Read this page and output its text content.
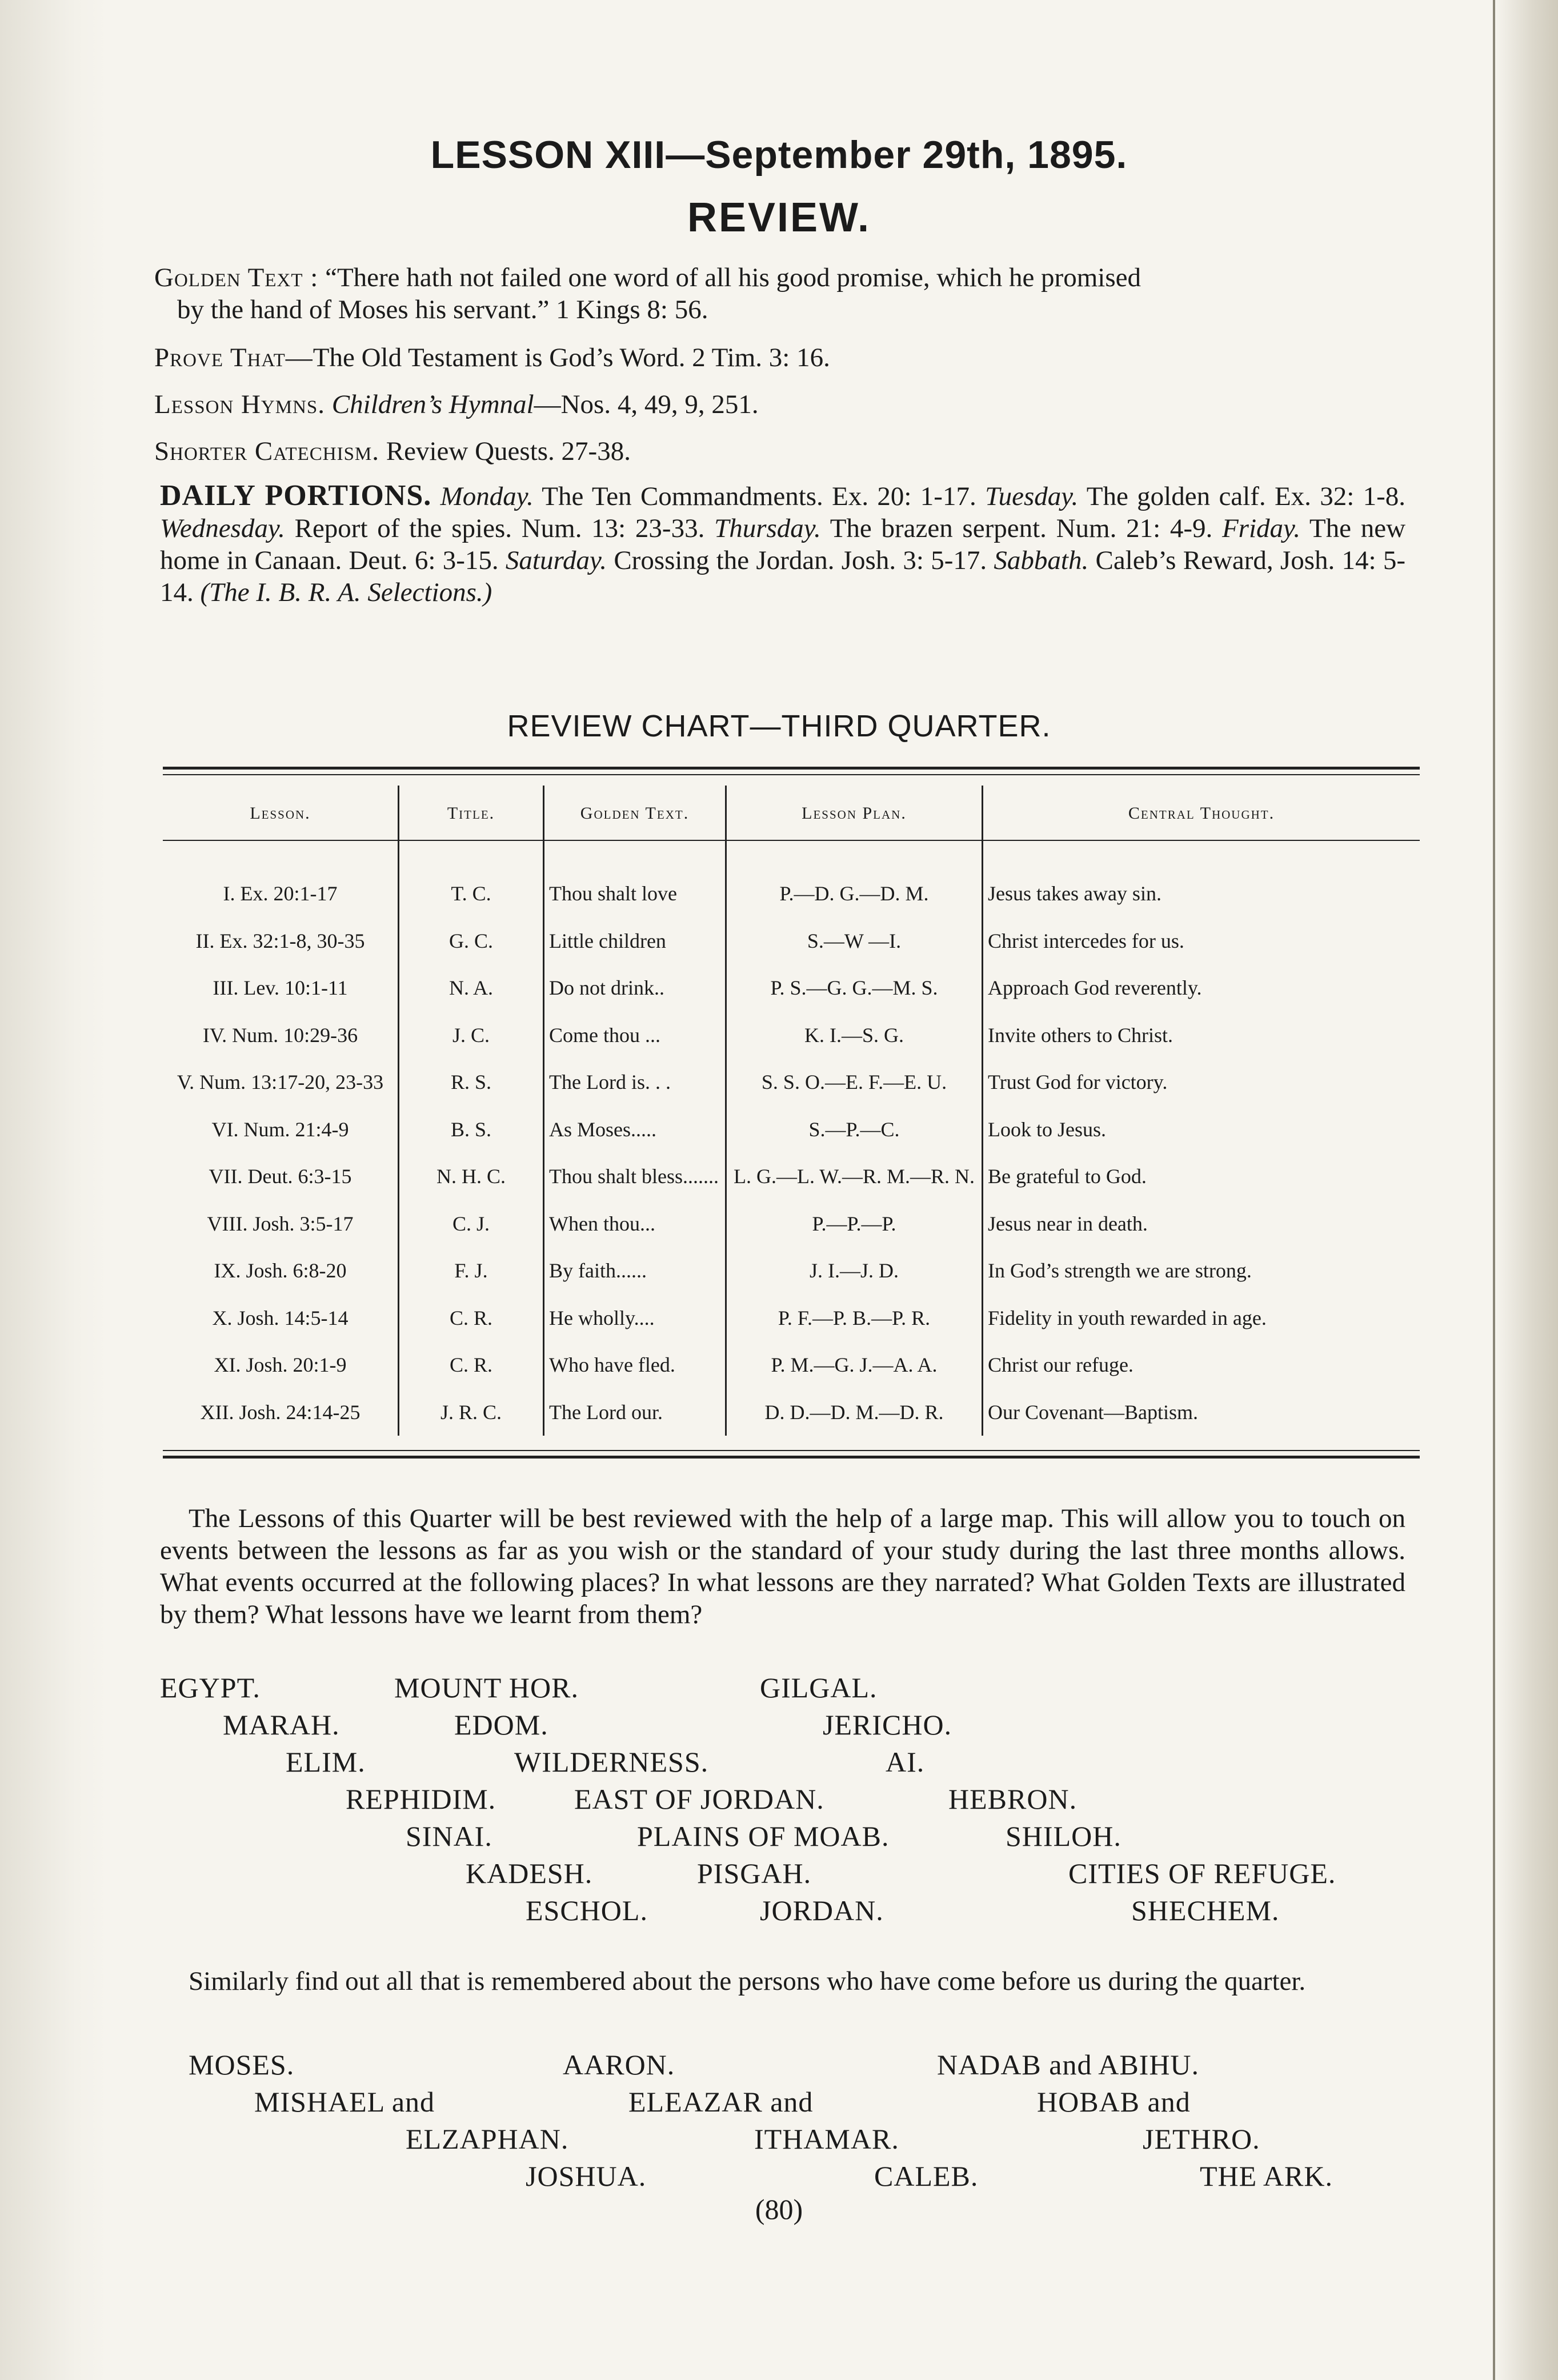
LESSON XIII—September 29th, 1895.
REVIEW.
Golden Text : “There hath not failed one word of all his good promise, which he promised
by the hand of Moses his servant.” 1 Kings 8: 56.
Prove That—The Old Testament is God’s Word. 2 Tim. 3: 16.
Lesson Hymns. Children’s Hymnal—Nos. 4, 49, 9, 251.
Shorter Catechism. Review Quests. 27-38.
DAILY PORTIONS. Monday. The Ten Commandments. Ex. 20: 1-17. Tuesday. The golden calf. Ex. 32: 1-8. Wednesday. Report of the spies. Num. 13: 23-33. Thursday. The brazen serpent. Num. 21: 4-9. Friday. The new home in Canaan. Deut. 6: 3-15. Saturday. Crossing the Jordan. Josh. 3: 5-17. Sabbath. Caleb’s Reward, Josh. 14: 5-14. (The I. B. R. A. Selections.)
REVIEW CHART—THIRD QUARTER.
Lesson.	Title.	Golden Text.	Lesson Plan.	Central Thought.

I. Ex. 20:1-17	T. C.	Thou shalt love	P.—D. G.—D. M.	Jesus takes away sin.
II. Ex. 32:1-8, 30-35	G. C.	Little children	S.—W —I.	Christ intercedes for us.
III. Lev. 10:1-11	N. A.	Do not drink..	P. S.—G. G.—M. S.	Approach God reverently.
IV. Num. 10:29-36	J. C.	Come thou ...	K. I.—S. G.	Invite others to Christ.
V. Num. 13:17-20, 23-33	R. S.	The Lord is. . .	S. S. O.—E. F.—E. U.	Trust God for victory.
VI. Num. 21:4-9	B. S.	As Moses.....	S.—P.—C.	Look to Jesus.
VII. Deut. 6:3-15	N. H. C.	Thou shalt bless.......	L. G.—L. W.—R. M.—R. N.	Be grateful to God.
VIII. Josh. 3:5-17	C. J.	When thou...	P.—P.—P.	Jesus near in death.
IX. Josh. 6:8-20	F. J.	By faith......	J. I.—J. D.	In God’s strength we are strong.
X. Josh. 14:5-14	C. R.	He wholly....	P. F.—P. B.—P. R.	Fidelity in youth rewarded in age.
XI. Josh. 20:1-9	C. R.	Who have fled.	P. M.—G. J.—A. A.	Christ our refuge.
XII. Josh. 24:14-25	J. R. C.	The Lord our.	D. D.—D. M.—D. R.	Our Covenant—Baptism.
The Lessons of this Quarter will be best reviewed with the help of a large map. This will allow you to touch on events between the lessons as far as you wish or the standard of your study during the last three months allows. What events occurred at the following places? In what lessons are they narrated? What Golden Texts are illustrated by them? What lessons have we learnt from them?
EGYPT.	MOUNT HOR.	GILGAL.
MARAH.	EDOM.	JERICHO.
ELIM.	WILDERNESS.	AI.
REPHIDIM.	EAST OF JORDAN.	HEBRON.
SINAI.	PLAINS OF MOAB.	SHILOH.
KADESH.	PISGAH.	CITIES OF REFUGE.
ESCHOL.	JORDAN.	SHECHEM.
Similarly find out all that is remembered about the persons who have come before us during the quarter.
MOSES.	AARON.	NADAB and ABIHU.
MISHAEL and	ELEAZAR and	HOBAB and
ELZAPHAN.	ITHAMAR.	JETHRO.
JOSHUA.	CALEB.	THE ARK.
(80)
